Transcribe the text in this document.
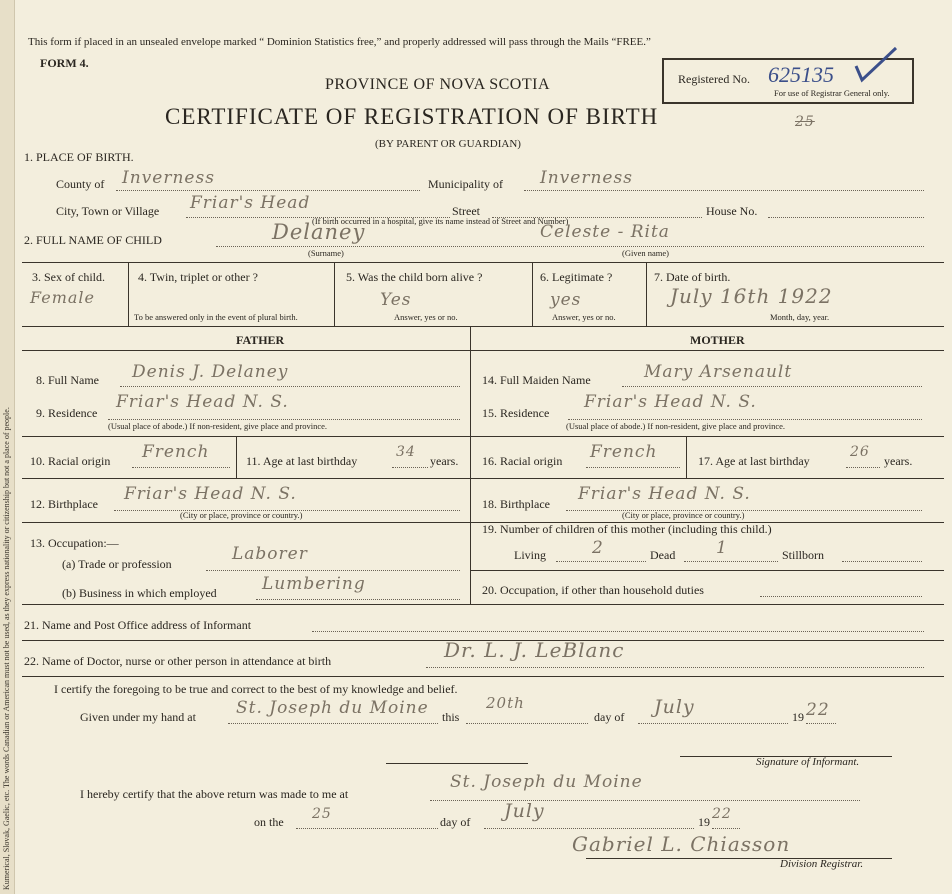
Kumerical, Slovak, Gaelic, etc. The words Canadian or American must not be used, as they express nationality or citizenship but not a place of people.
This form if placed in an unsealed envelope marked “ Dominion Statistics free,” and properly addressed will pass through the Mails “FREE.”
FORM 4.
PROVINCE OF NOVA SCOTIA
CERTIFICATE OF REGISTRATION OF BIRTH
(BY PARENT OR GUARDIAN)
25
Registered No. 625135
For use of Registrar General only.
1. PLACE OF BIRTH.
County of Inverness	Municipality of Inverness
City, Town or Village Friar's Head	Street	House No.
(If birth occurred in a hospital, give its name instead of Street and Number)
2. FULL NAME OF CHILD	Delaney	Celeste - Rita
(Surname)	(Given name)
3. Sex of child.
Female
4. Twin, triplet or other ?
To be answered only in the event of plural birth.
5. Was the child born alive ?
Yes
Answer, yes or no.
6. Legitimate ?
yes
Answer, yes or no.
7. Date of birth.
July 16th 1922
Month, day, year.
FATHER	MOTHER
8. Full Name Denis J. Delaney
9. Residence
Friar's Head N. S.
(Usual place of abode.) If non-resident, give place and province.
10. Racial origin French	11. Age at last birthday
34
years.
12. Birthplace Friar's Head N. S.
(City or place, province or country.)
13. Occupation:—
(a) Trade or profession	Laborer
(b) Business in which employed	Lumbering
14. Full Maiden Name	Mary Arsenault
15. Residence
Friar's Head N. S.
(Usual place of abode.) If non-resident, give place and province.
16. Racial origin French	17. Age at last birthday
26
years.
18. Birthplace Friar's Head N. S.
(City or place, province or country.)
19. Number of children of this mother (including this child.)
Living	2	Dead 1	Stillborn
20. Occupation, if other than household duties
21. Name and Post Office address of Informant
22. Name of Doctor, nurse or other person in attendance at birth	Dr. L. J. LeBlanc
I certify the foregoing to be true and correct to the best of my knowledge and belief.
Given under my hand at St. Joseph du Moine this
20th
day of July	19 22
Signature of Informant.
I hereby certify that the above return was made to me at
St. Joseph du Moine
on the 25	day of July	19 22
Gabriel L. Chiasson
Division Registrar.
